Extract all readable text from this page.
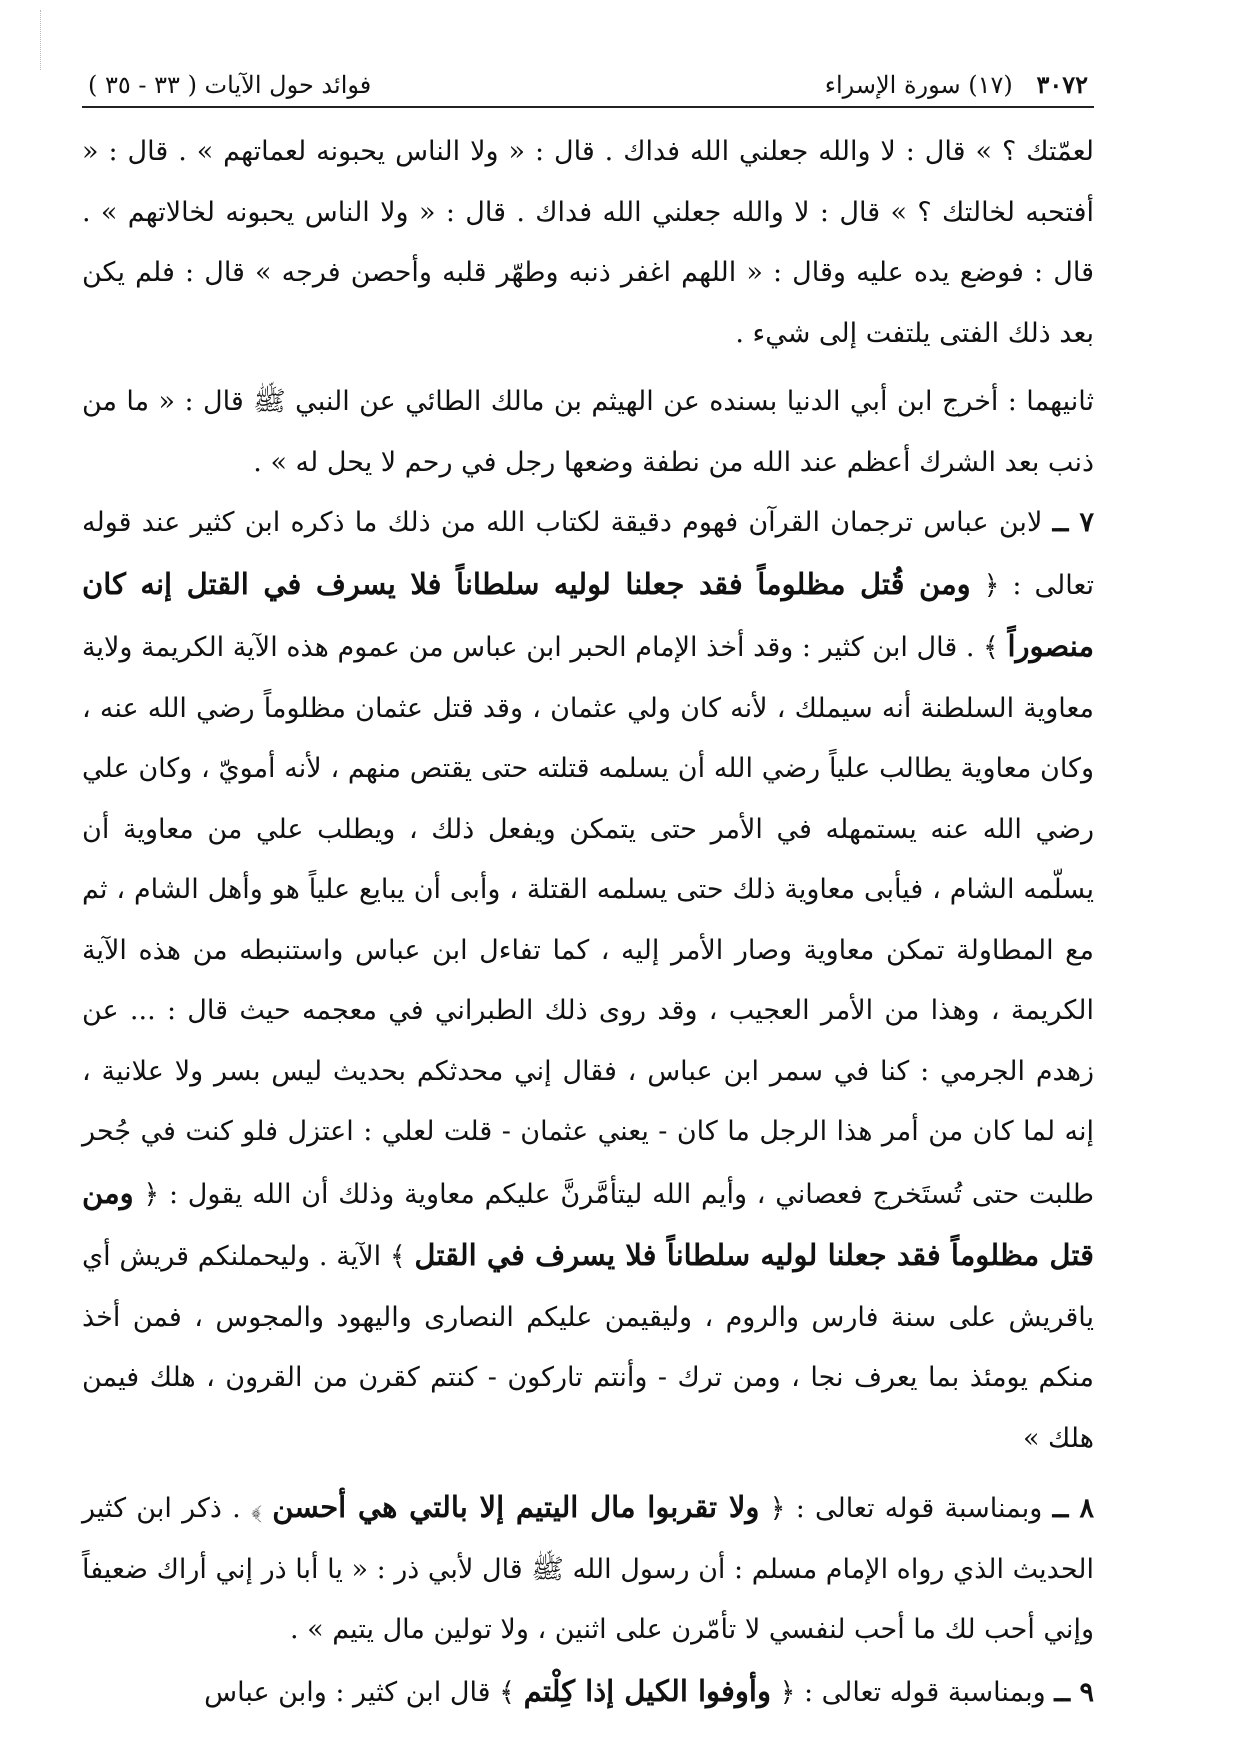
٣٠٧٢ (١٧) سورة الإسراء
فوائد حول الآيات ( ٣٣ - ٣٥ )

لعمّتك ؟ » قال : لا والله جعلني الله فداك . قال : « ولا الناس يحبونه لعماتهم » . قال : « أفتحبه لخالتك ؟ » قال : لا والله جعلني الله فداك . قال : « ولا الناس يحبونه لخالاتهم » . قال : فوضع يده عليه وقال : « اللهم اغفر ذنبه وطهّر قلبه وأحصن فرجه » قال : فلم يكن بعد ذلك الفتى يلتفت إلى شيء .

ثانيهما : أخرج ابن أبي الدنيا بسنده عن الهيثم بن مالك الطائي عن النبي ﷺ قال : « ما من ذنب بعد الشرك أعظم عند الله من نطفة وضعها رجل في رحم لا يحل له » .

٧ ــ لابن عباس ترجمان القرآن فهوم دقيقة لكتاب الله من ذلك ما ذكره ابن كثير عند قوله تعالى : ﴿ ومن قُتل مظلوماً فقد جعلنا لوليه سلطاناً فلا يسرف في القتل إنه كان منصوراً ﴾ . قال ابن كثير : وقد أخذ الإمام الحبر ابن عباس من عموم هذه الآية الكريمة ولاية معاوية السلطنة أنه سيملك ، لأنه كان ولي عثمان ، وقد قتل عثمان مظلوماً رضي الله عنه ، وكان معاوية يطالب علياً رضي الله أن يسلمه قتلته حتى يقتص منهم ، لأنه أمويّ ، وكان علي رضي الله عنه يستمهله في الأمر حتى يتمكن ويفعل ذلك ، ويطلب علي من معاوية أن يسلّمه الشام ، فيأبى معاوية ذلك حتى يسلمه القتلة ، وأبى أن يبايع علياً هو وأهل الشام ، ثم مع المطاولة تمكن معاوية وصار الأمر إليه ، كما تفاءل ابن عباس واستنبطه من هذه الآية الكريمة ، وهذا من الأمر العجيب ، وقد روى ذلك الطبراني في معجمه حيث قال : ... عن زهدم الجرمي : كنا في سمر ابن عباس ، فقال إني محدثكم بحديث ليس بسر ولا علانية ، إنه لما كان من أمر هذا الرجل ما كان - يعني عثمان - قلت لعلي : اعتزل فلو كنت في جُحر طلبت حتى تُستَخرج فعصاني ، وأيم الله ليتأمَّرنَّ عليكم معاوية وذلك أن الله يقول : ﴿ ومن قتل مظلوماً فقد جعلنا لوليه سلطاناً فلا يسرف في القتل ﴾ الآية . وليحملنكم قريش أي ياقريش على سنة فارس والروم ، وليقيمن عليكم النصارى واليهود والمجوس ، فمن أخذ منكم يومئذ بما يعرف نجا ، ومن ترك - وأنتم تاركون - كنتم كقرن من القرون ، هلك فيمن هلك »

٨ ــ وبمناسبة قوله تعالى : ﴿ ولا تقربوا مال اليتيم إلا بالتي هي أحسن ﴾ . ذكر ابن كثير الحديث الذي رواه الإمام مسلم : أن رسول الله ﷺ قال لأبي ذر : « يا أبا ذر إني أراك ضعيفاً وإني أحب لك ما أحب لنفسي لا تأمّرن على اثنين ، ولا تولين مال يتيم » .

٩ ــ وبمناسبة قوله تعالى : ﴿ وأوفوا الكيل إذا كِلْتم ﴾ قال ابن كثير : وابن عباس
